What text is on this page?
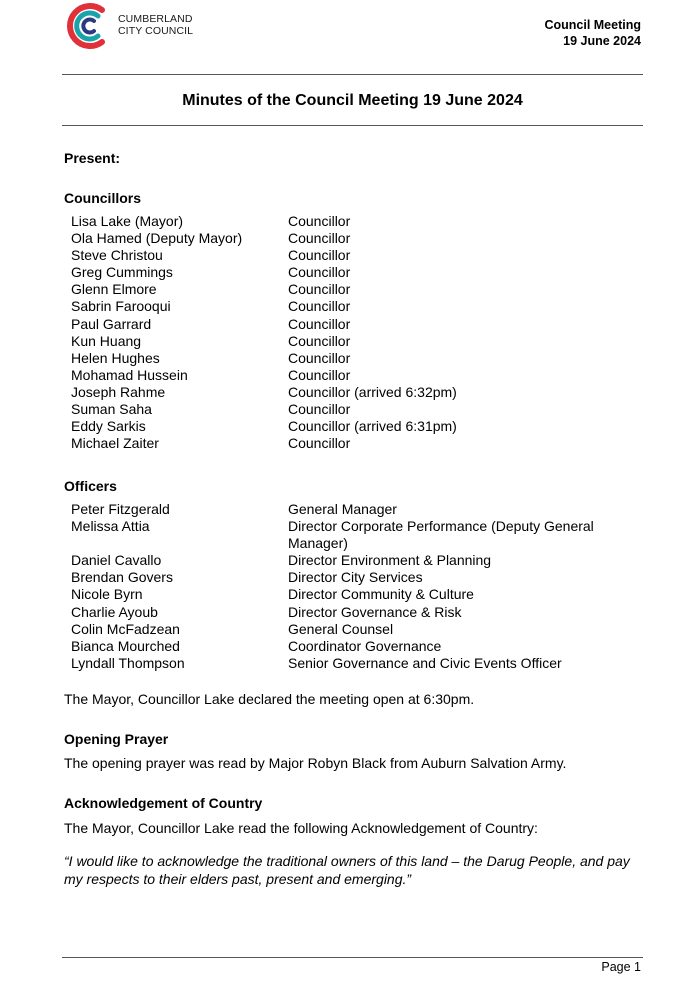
CUMBERLAND
CITY COUNCIL	Council Meeting
19 June 2024
Minutes of the Council Meeting 19 June 2024
Present:
Councillors
Lisa Lake (Mayor)	Councillor
Ola Hamed (Deputy Mayor)	Councillor
Steve Christou	Councillor
Greg Cummings	Councillor
Glenn Elmore	Councillor
Sabrin Farooqui	Councillor
Paul Garrard	Councillor
Kun Huang	Councillor
Helen Hughes	Councillor
Mohamad Hussein	Councillor
Joseph Rahme	Councillor (arrived 6:32pm)
Suman Saha	Councillor
Eddy Sarkis	Councillor (arrived 6:31pm)
Michael Zaiter	Councillor
Officers
Peter Fitzgerald	General Manager
Melissa Attia	Director Corporate Performance (Deputy General Manager)
Daniel Cavallo	Director Environment & Planning
Brendan Govers	Director City Services
Nicole Byrn	Director Community & Culture
Charlie Ayoub	Director Governance & Risk
Colin McFadzean	General Counsel
Bianca Mourched	Coordinator Governance
Lyndall Thompson	Senior Governance and Civic Events Officer
The Mayor, Councillor Lake declared the meeting open at 6:30pm.
Opening Prayer
The opening prayer was read by Major Robyn Black from Auburn Salvation Army.
Acknowledgement of Country
The Mayor, Councillor Lake read the following Acknowledgement of Country:
“I would like to acknowledge the traditional owners of this land – the Darug People, and pay my respects to their elders past, present and emerging.”
Page 1
